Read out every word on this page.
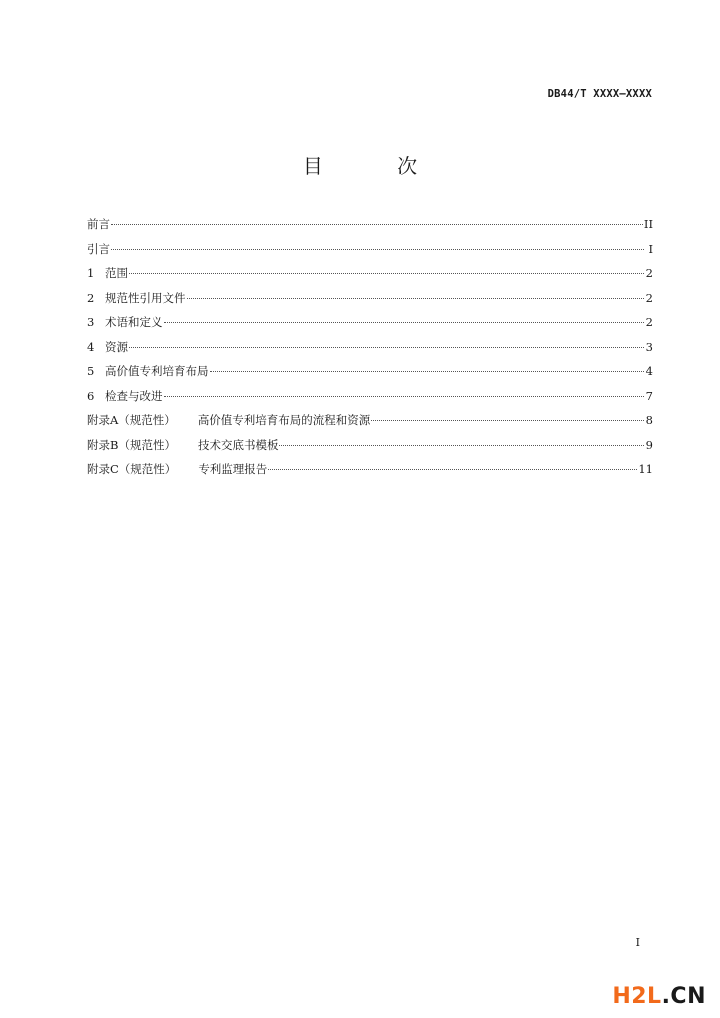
DB44/T XXXX—XXXX
目 次
前言	II
引言	I
1 范围	2
2 规范性引用文件	2
3 术语和定义	2
4 资源	3
5 高价值专利培育布局	4
6 检查与改进	7
附录A（规范性） 高价值专利培育布局的流程和资源	8
附录B（规范性） 技术交底书模板	9
附录C（规范性） 专利监理报告	11
I
H2L.CN
